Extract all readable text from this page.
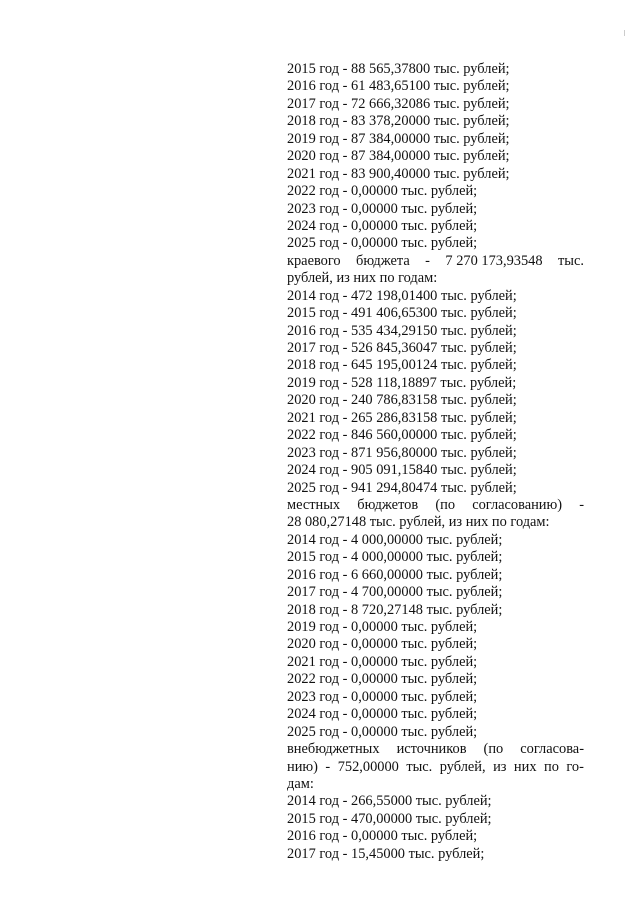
2015 год - 88 565,37800 тыс. рублей;
2016 год - 61 483,65100 тыс. рублей;
2017 год - 72 666,32086 тыс. рублей;
2018 год - 83 378,20000 тыс. рублей;
2019 год - 87 384,00000 тыс. рублей;
2020 год - 87 384,00000 тыс. рублей;
2021 год - 83 900,40000 тыс. рублей;
2022 год - 0,00000 тыс. рублей;
2023 год - 0,00000 тыс. рублей;
2024 год - 0,00000 тыс. рублей;
2025 год - 0,00000 тыс. рублей;
краевого бюджета - 7 270 173,93548 тыс.
рублей, из них по годам:
2014 год - 472 198,01400 тыс. рублей;
2015 год - 491 406,65300 тыс. рублей;
2016 год - 535 434,29150 тыс. рублей;
2017 год - 526 845,36047 тыс. рублей;
2018 год - 645 195,00124 тыс. рублей;
2019 год - 528 118,18897 тыс. рублей;
2020 год - 240 786,83158 тыс. рублей;
2021 год - 265 286,83158 тыс. рублей;
2022 год - 846 560,00000 тыс. рублей;
2023 год - 871 956,80000 тыс. рублей;
2024 год - 905 091,15840 тыс. рублей;
2025 год - 941 294,80474 тыс. рублей;
местных бюджетов (по согласованию) -
28 080,27148 тыс. рублей, из них по годам:
2014 год - 4 000,00000 тыс. рублей;
2015 год - 4 000,00000 тыс. рублей;
2016 год - 6 660,00000 тыс. рублей;
2017 год - 4 700,00000 тыс. рублей;
2018 год - 8 720,27148 тыс. рублей;
2019 год - 0,00000 тыс. рублей;
2020 год - 0,00000 тыс. рублей;
2021 год - 0,00000 тыс. рублей;
2022 год - 0,00000 тыс. рублей;
2023 год - 0,00000 тыс. рублей;
2024 год - 0,00000 тыс. рублей;
2025 год - 0,00000 тыс. рублей;
внебюджетных источников (по согласова-
нию) - 752,00000 тыс. рублей, из них по го-
дам:
2014 год - 266,55000 тыс. рублей;
2015 год - 470,00000 тыс. рублей;
2016 год - 0,00000 тыс. рублей;
2017 год - 15,45000 тыс. рублей;
